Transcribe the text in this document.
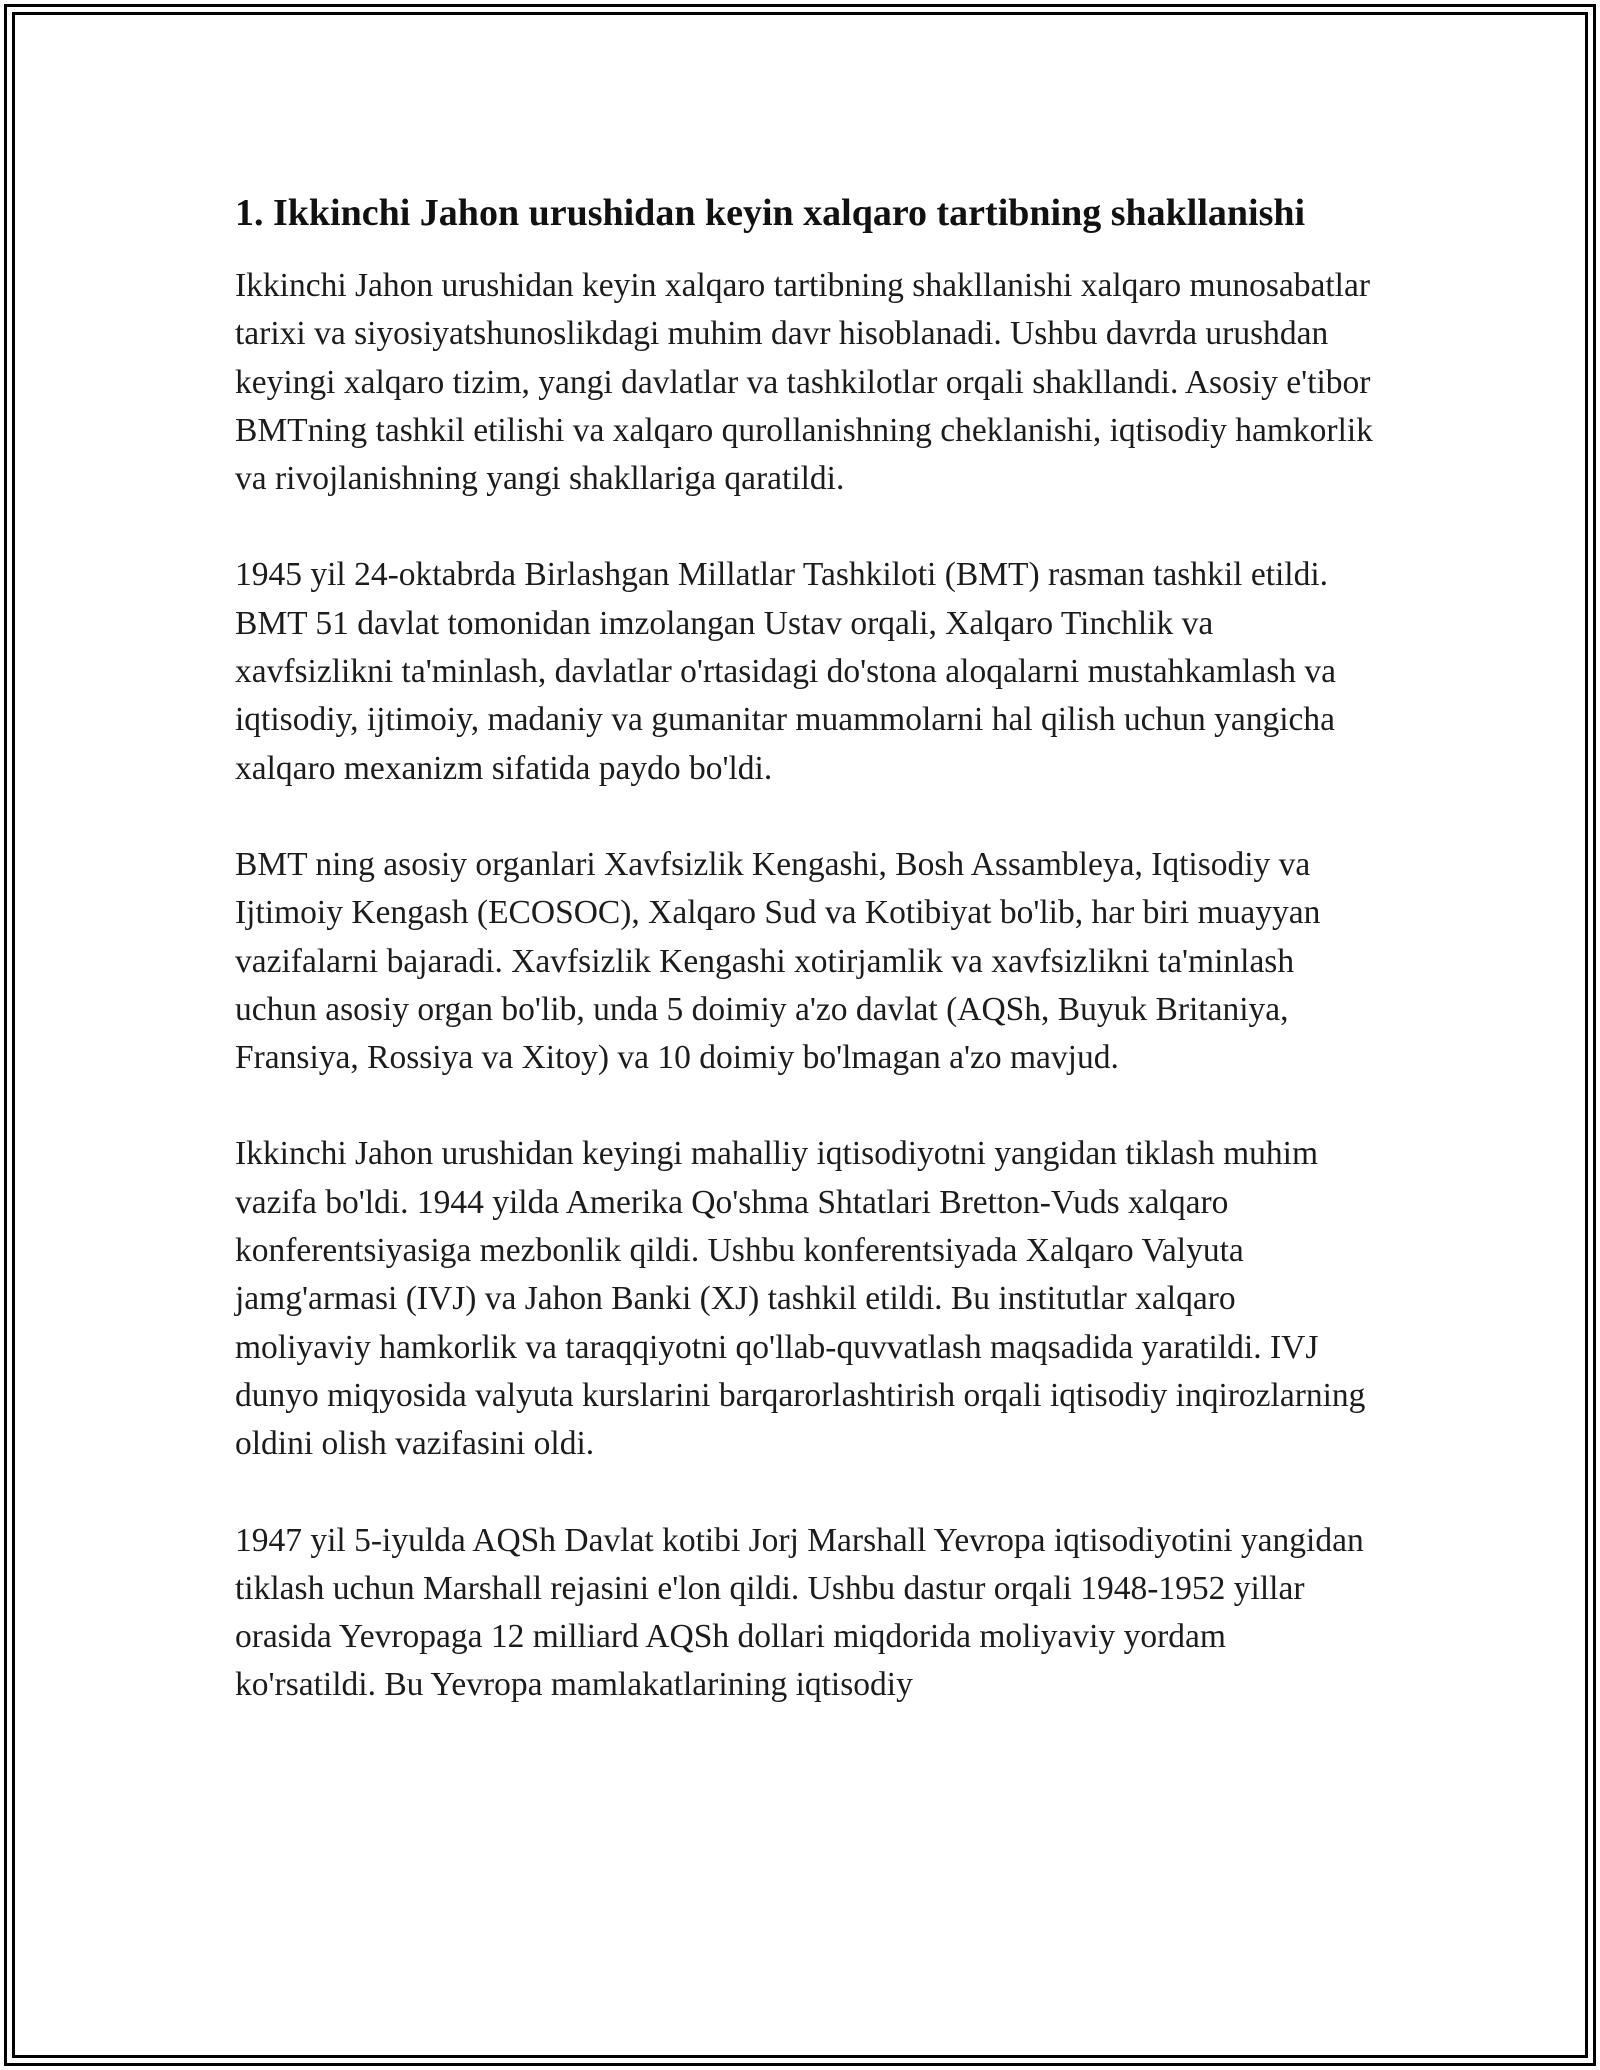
1. Ikkinchi Jahon urushidan keyin xalqaro tartibning shakllanishi

Ikkinchi Jahon urushidan keyin xalqaro tartibning shakllanishi xalqaro munosabatlar tarixi va siyosiyatshunoslikdagi muhim davr hisoblanadi. Ushbu davrda urushdan keyingi xalqaro tizim, yangi davlatlar va tashkilotlar orqali shakllandi. Asosiy e'tibor BMTning tashkil etilishi va xalqaro qurollanishning cheklanishi, iqtisodiy hamkorlik va rivojlanishning yangi shakllariga qaratildi.

1945 yil 24-oktabrda Birlashgan Millatlar Tashkiloti (BMT) rasman tashkil etildi. BMT 51 davlat tomonidan imzolangan Ustav orqali, Xalqaro Tinchlik va xavfsizlikni ta'minlash, davlatlar o'rtasidagi do'stona aloqalarni mustahkamlash va iqtisodiy, ijtimoiy, madaniy va gumanitar muammolarni hal qilish uchun yangicha xalqaro mexanizm sifatida paydo bo'ldi.

BMT ning asosiy organlari Xavfsizlik Kengashi, Bosh Assambleya, Iqtisodiy va Ijtimoiy Kengash (ECOSOC), Xalqaro Sud va Kotibiyat bo'lib, har biri muayyan vazifalarni bajaradi. Xavfsizlik Kengashi xotirjamlik va xavfsizlikni ta'minlash uchun asosiy organ bo'lib, unda 5 doimiy a'zo davlat (AQSh, Buyuk Britaniya, Fransiya, Rossiya va Xitoy) va 10 doimiy bo'lmagan a'zo mavjud.

Ikkinchi Jahon urushidan keyingi mahalliy iqtisodiyotni yangidan tiklash muhim vazifa bo'ldi. 1944 yilda Amerika Qo'shma Shtatlari Bretton-Vuds xalqaro konferentsiyasiga mezbonlik qildi. Ushbu konferentsiyada Xalqaro Valyuta jamg'armasi (IVJ) va Jahon Banki (XJ) tashkil etildi. Bu institutlar xalqaro moliyaviy hamkorlik va taraqqiyotni qo'llab-quvvatlash maqsadida yaratildi. IVJ dunyo miqyosida valyuta kurslarini barqarorlashtirish orqali iqtisodiy inqirozlarning oldini olish vazifasini oldi.

1947 yil 5-iyulda AQSh Davlat kotibi Jorj Marshall Yevropa iqtisodiyotini yangidan tiklash uchun Marshall rejasini e'lon qildi. Ushbu dastur orqali 1948-1952 yillar orasida Yevropaga 12 milliard AQSh dollari miqdorida moliyaviy yordam ko'rsatildi. Bu Yevropa mamlakatlarining iqtisodiy
